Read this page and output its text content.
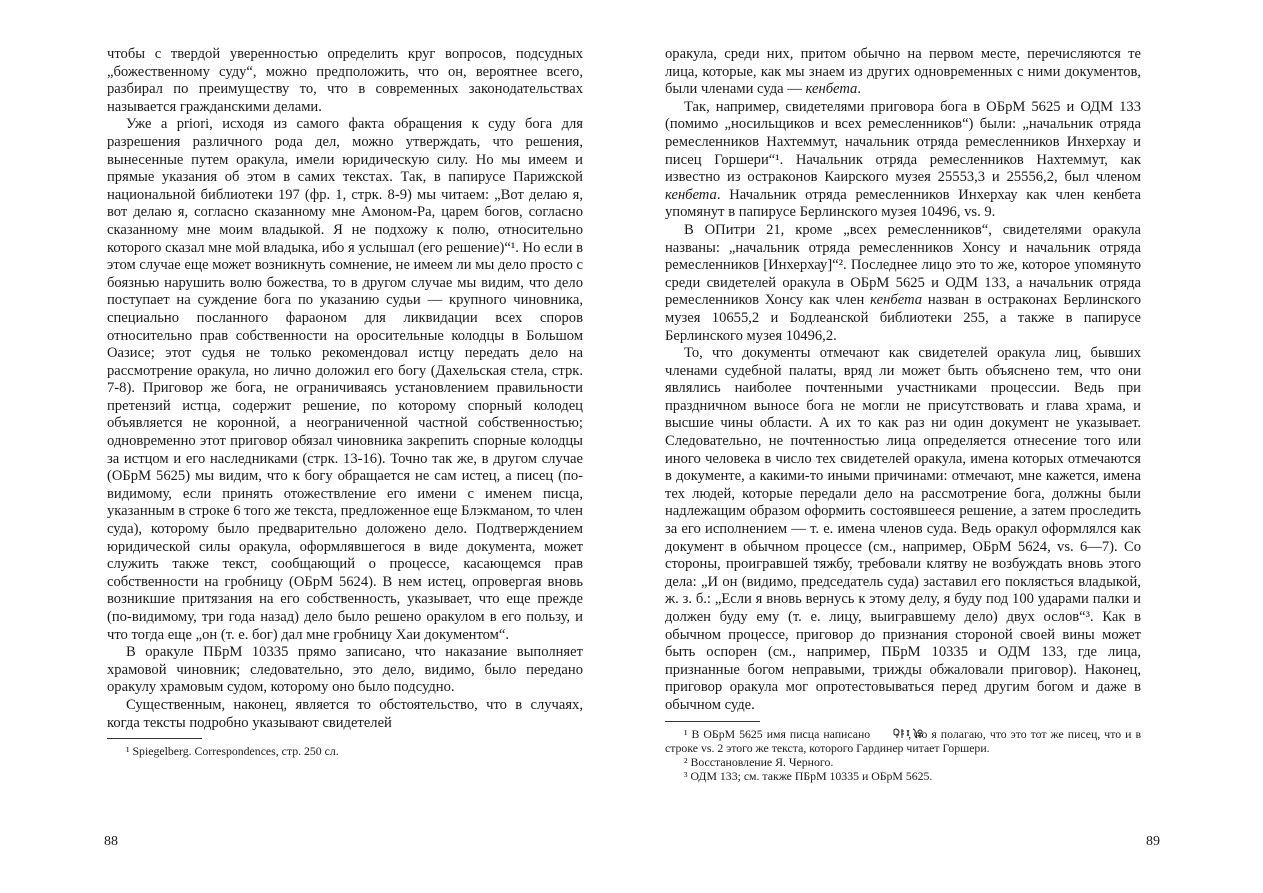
чтобы с твердой уверенностью определить круг вопросов, подсудных „божественному суду“, можно предположить, что он, вероятнее всего, разбирал по преимуществу то, что в современных законодательствах называется гражданскими делами.

Уже a priori, исходя из самого факта обращения к суду бога для разрешения различного рода дел, можно утверждать, что решения, вынесенные путем оракула, имели юридическую силу. Но мы имеем и прямые указания об этом в самих текстах. Так, в папирусе Парижской национальной библиотеки 197 (фр. 1, стрк. 8-9) мы читаем: „Вот делаю я, вот делаю я, согласно сказанному мне Амоном-Ра, царем богов, согласно сказанному мне моим владыкой. Я не подхожу к полю, относительно которого сказал мне мой владыка, ибо я услышал (его решение)“¹. Но если в этом случае еще может возникнуть сомнение, не имеем ли мы дело просто с боязнью нарушить волю божества, то в другом случае мы видим, что дело поступает на суждение бога по указанию судьи — крупного чиновника, специально посланного фараоном для ликвидации всех споров относительно прав собственности на оросительные колодцы в Большом Оазисе; этот судья не только рекомендовал истцу передать дело на рассмотрение оракула, но лично доложил его богу (Дахельская стела, стрк. 7-8). Приговор же бога, не ограничиваясь установлением правильности претензий истца, содержит решение, по которому спорный колодец объявляется не коронной, а неограниченной частной собственностью; одновременно этот приговор обязал чиновника закрепить спорные колодцы за истцом и его наследниками (стрк. 13-16). Точно так же, в другом случае (ОБрМ 5625) мы видим, что к богу обращается не сам истец, а писец (по-видимому, если принять отожествление его имени с именем писца, указанным в строке 6 того же текста, предложенное еще Блэкманом, то член суда), которому было предварительно доложено дело. Подтверждением юридической силы оракула, оформлявшегося в виде документа, может служить также текст, сообщающий о процессе, касающемся прав собственности на гробницу (ОБрМ 5624). В нем истец, опровергая вновь возникшие притязания на его собственность, указывает, что еще прежде (по-видимому, три года назад) дело было решено оракулом в его пользу, и что тогда еще „он (т. е. бог) дал мне гробницу Хаи документом“.

В оракуле ПБрМ 10335 прямо записано, что наказание выполняет храмовой чиновник; следовательно, это дело, видимо, было передано оракулу храмовым судом, которому оно было подсудно.

Существенным, наконец, является то обстоятельство, что в случаях, когда тексты подробно указывают свидетелей

¹ Spiegelberg. Correspondences, стр. 250 сл.

88

оракула, среди них, притом обычно на первом месте, перечисляются те лица, которые, как мы знаем из других одновременных с ними документов, были членами суда — кенбета.

Так, например, свидетелями приговора бога в ОБрМ 5625 и ОДМ 133 (помимо „носильщиков и всех ремесленников“) были: „начальник отряда ремесленников Нахтеммут, начальник отряда ремесленников Инхерхау и писец Горшери“¹. Начальник отряда ремесленников Нахтеммут, как известно из остраконов Каирского музея 25553,3 и 25556,2, был членом кенбета. Начальник отряда ремесленников Инхерхау как член кенбета упомянут в папирусе Берлинского музея 10496, vs. 9.

В ОПитри 21, кроме „всех ремесленников“, свидетелями оракула названы: „начальник отряда ремесленников Хонсу и начальник отряда ремесленников [Инхерхау]“². Последнее лицо это то же, которое упомянуто среди свидетелей оракула в ОБрМ 5625 и ОДМ 133, а начальник отряда ремесленников Хонсу как член кенбета назван в остраконах Берлинского музея 10655,2 и Бодлеанской библиотеки 255, а также в папирусе Берлинского музея 10496,2.

То, что документы отмечают как свидетелей оракула лиц, бывших членами судебной палаты, вряд ли может быть объяснено тем, что они являлись наиболее почтенными участниками процессии. Ведь при праздничном выносе бога не могли не присутствовать и глава храма, и высшие чины области. А их то как раз ни один документ не указывает. Следовательно, не почтенностью лица определяется отнесение того или иного человека в число тех свидетелей оракула, имена которых отмечаются в документе, а какими-то иными причинами: отмечают, мне кажется, имена тех людей, которые передали дело на рассмотрение бога, должны были надлежащим образом оформить состоявшееся решение, а затем проследить за его исполнением — т. е. имена членов суда. Ведь оракул оформлялся как документ в обычном процессе (см., например, ОБрМ 5624, vs. 6—7). Со стороны, проигравшей тяжбу, требовали клятву не возбуждать вновь этого дела: „И он (видимо, председатель суда) заставил его поклясться владыкой, ж. з. б.: „Если я вновь вернусь к этому делу, я буду под 100 ударами палки и должен буду ему (т. е. лицу, выигравшему дело) двух ослов“³. Как в обычном процессе, приговор до признания стороной своей вины может быть оспорен (см., например, ПБрМ 10335 и ОДМ 133, где лица, признанные богом неправыми, трижды обжаловали приговор). Наконец, приговор оракула мог опротестовываться перед другим богом и даже в обычном суде.

¹ В ОБрМ 5625 имя писца написано	, но я полагаю, что это тот же писец, что и в строке vs. 2 этого же текста, которого Гардинер читает Горшери.

² Восстановление Я. Черного.

³ ОДМ 133; см. также ПБрМ 10335 и ОБрМ 5625.

89
